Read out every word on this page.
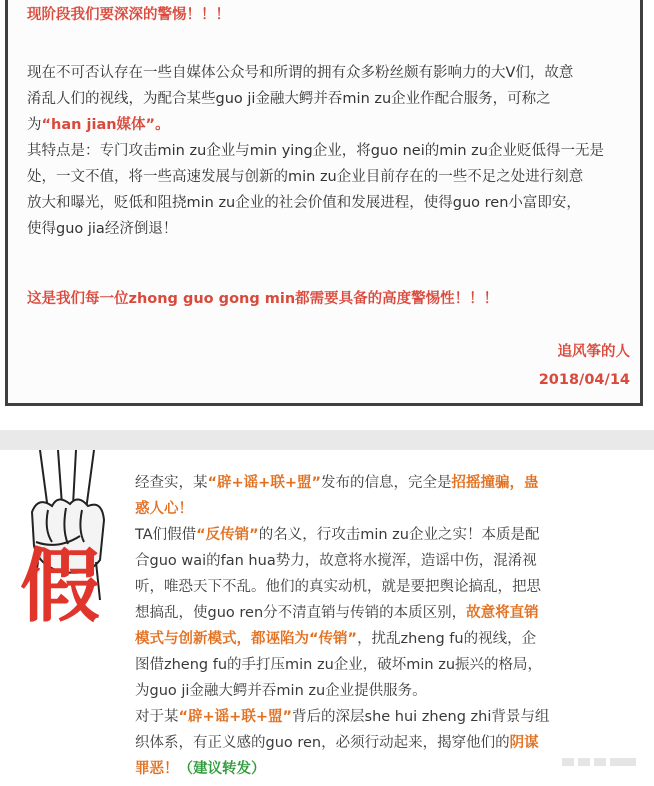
现阶段我们要深深的警惕！！！
现在不可否认存在一些自媒体公众号和所谓的拥有众多粉丝颇有影响力的大V们，故意
淆乱人们的视线，为配合某些guo ji金融大鳄并吞min zu企业作配合服务，可称之
为“han jian媒体”。
其特点是：专门攻击min zu企业与min ying企业，将guo nei的min zu企业贬低得一无是
处，一文不值，将一些高速发展与创新的min zu企业目前存在的一些不足之处进行刻意
放大和曝光，贬低和阻挠min zu企业的社会价值和发展进程，使得guo ren小富即安，
使得guo jia经济倒退！
这是我们每一位zhong guo gong min都需要具备的高度警惕性！！！
追风筝的人
2018/04/14
假
经查实，某“辟+谣+联+盟”发布的信息，完全是招摇撞骗，蛊
惑人心！
TA们假借“反传销”的名义，行攻击min zu企业之实！本质是配
合guo wai的fan hua势力，故意将水搅浑，造谣中伤，混淆视
听，唯恐天下不乱。他们的真实动机，就是要把舆论搞乱，把思
想搞乱，使guo ren分不清直销与传销的本质区别，故意将直销
模式与创新模式，都诬陷为“传销”，扰乱zheng fu的视线，企
图借zheng fu的手打压min zu企业，破坏min zu振兴的格局，
为guo ji金融大鳄并吞min zu企业提供服务。
对于某“辟+谣+联+盟”背后的深层she hui zheng zhi背景与组
织体系，有正义感的guo ren，必须行动起来，揭穿他们的阴谋
罪恶！（建议转发）
